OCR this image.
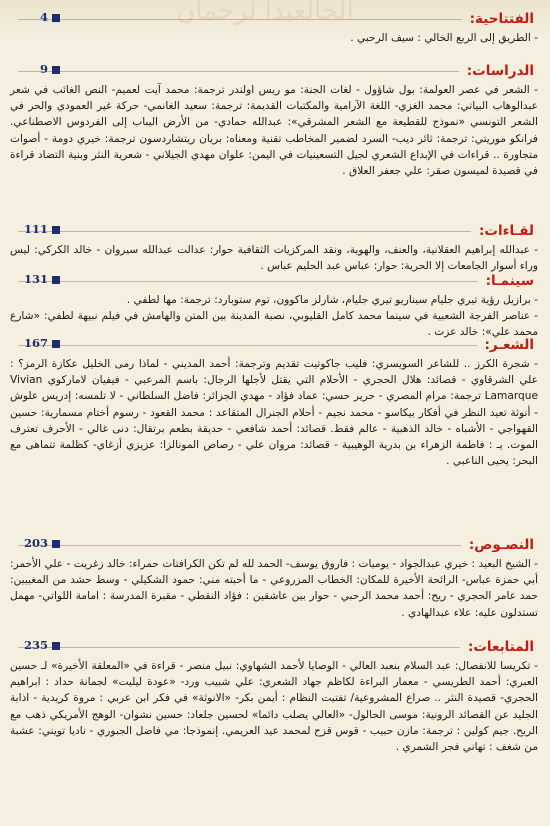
الخالعبدا لرحمان	الفتتاحية:
4
- الطريق إلى الربع الخالي : سيف الرحبي .
الدراسات:
9
- الشعر في عصر العولمة: بول شاؤول - لغات الجنة: مو ريس اولندر ترجمة: محمد آيت لعميم- النص الغائب في شعر عبدالوهاب البياتي: محمد الغزي- اللغة الآرامية والمكتبات القديمة: ترجمة: سعيد الغانمي- حركة غير العمودي والحر في الشعر التونسي «نموذج للقطيعة مع الشعر المشرقي»: عبدالله حمادي- من الأرض اليباب إلى الفردوس الاصطناعي. فرانكو موريتي: ترجمة: ثائر ديب- السرد لضمير المخاطب تقنية ومعناه: بريان ريتشاردسون ترجمة: خيري دومة - أصوات متجاورة .. قراءات في الإبداع الشعري لجيل التسعينيات في اليمن: علوان مهدي الجيلاني - شعرية النثر وبنية التضاد قراءة في قصيدة لميسون صقر: علي جعفر العلاق .
لقـاءات:
111
- عبدالله إبراهيم العقلانية، والعنف، والهوية، ونقد المركزيات الثقافية حوار: عدالت عبدالله سيروان - خالد الكركي: ليس وراء أسوار الجامعات إلا الحرية: حوار: عباس عبد الحليم عباس .
سينمـا:
131
- برازيل رؤية تيري جليام سيناريو تيري جليام، شارلز ماكوون، توم ستوبارد: ترجمة: مها لطفي .
- عناصر الفرجة الشعبية في سينما محمد كامل القليوبي، نصبة المدينة بين المتن والهامش في فيلم نبيهة لطفي: «شارع محمد علي»: خالد عزت .
الشعـر:
167
- شجرة الكرز .. للشاعر السويسري: فليب جاكوتيت تقديم وترجمة: أحمد المديني - لماذا رمى الخليل عكازة الرمز؟ : علي الشرقاوي - قصائد: هلال الحجري - الأحلام التي يقتل لأجلها الرجال: باسم المرعبي - فيفيان لاماركوي Vivian Lamarque ترجمة: مرام المصري - حرير حسي: عماد فؤاد - مهدي الجزائر: فاضل السلطاني - لا تلمسه: إدريس علوش - أنوثة تعيد النظر في أفكار بيكاسو - محمد نجيم - أحلام الجنرال المتقاعد : محمد القعود - رسوم أختام مسمارية: حسين القهواجي - الأشباه - خالد الذهبية - عالم فقط. قصائد: أحمد شافعي - حديقة بطعم برتقال: دنى غالي - الأحرف تعترف الموت. يـ : فاطمة الزهراء بن بدرية الوهيبية - قصائد: مروان علي - رصاص المونالزا: عزيزي أزغاي- كظلمة تتماهى مع البحر: يحيى الناعبي .
النصـوص:
203
- الشيخ البعيد : خيري عبدالجواد - يوميات : فاروق يوسف- الحمد لله لم تكن الكرافتات حمراء: خالد زغريت - علي الأحمر: أبي حمزة عباس- الرائحة الأخيرة للمكان: الخطاب المزروعي - ما أحبته مني: حمود الشكيلي - وسط حشد من المغيبين: حمد عامر الحجري - ريح: أحمد محمد الرحبي - حوار بين عاشقين : فؤاد النقطي - مقبرة المدرسة : امامة اللواتي- مهمل تستدلون عليه: علاء عبدالهادي .
المتابعات:
235
- تكريسا للانفصال: عبد السلام بنعبد العالي - الوصايا لأحمد الشهاوي: نبيل منصر - قراءة في «المعلقة الأخيرة» لـ حسين العبري: أحمد الطريسي - معمار البراءة لكاظم جهاد الشعري: علي شبيب ورد- «عودة ليليت» لجمانة حداد : ابراهيم الحجري- قصيدة النثر .. صراع المشروعية/ تفتيت النظام : أيمن بكر- «الانوثة» في فكر ابن عربي : مروة كريدية - اذابة الجليد عن القصائد الرونية: موسى الحالول- «العالي يصلب دائما» لحسين جلعاد: حسين نشوان- الوهج الأمريكي ذهب مع الريح. جيم كولين : ترجمة: مازن حبيب - قوس قزح لمحمد عيد العريمي. إنموذجا: مي فاضل الجبوري - ناديا تويني: عشبة من شغف : تهاني فجر الشمري .
